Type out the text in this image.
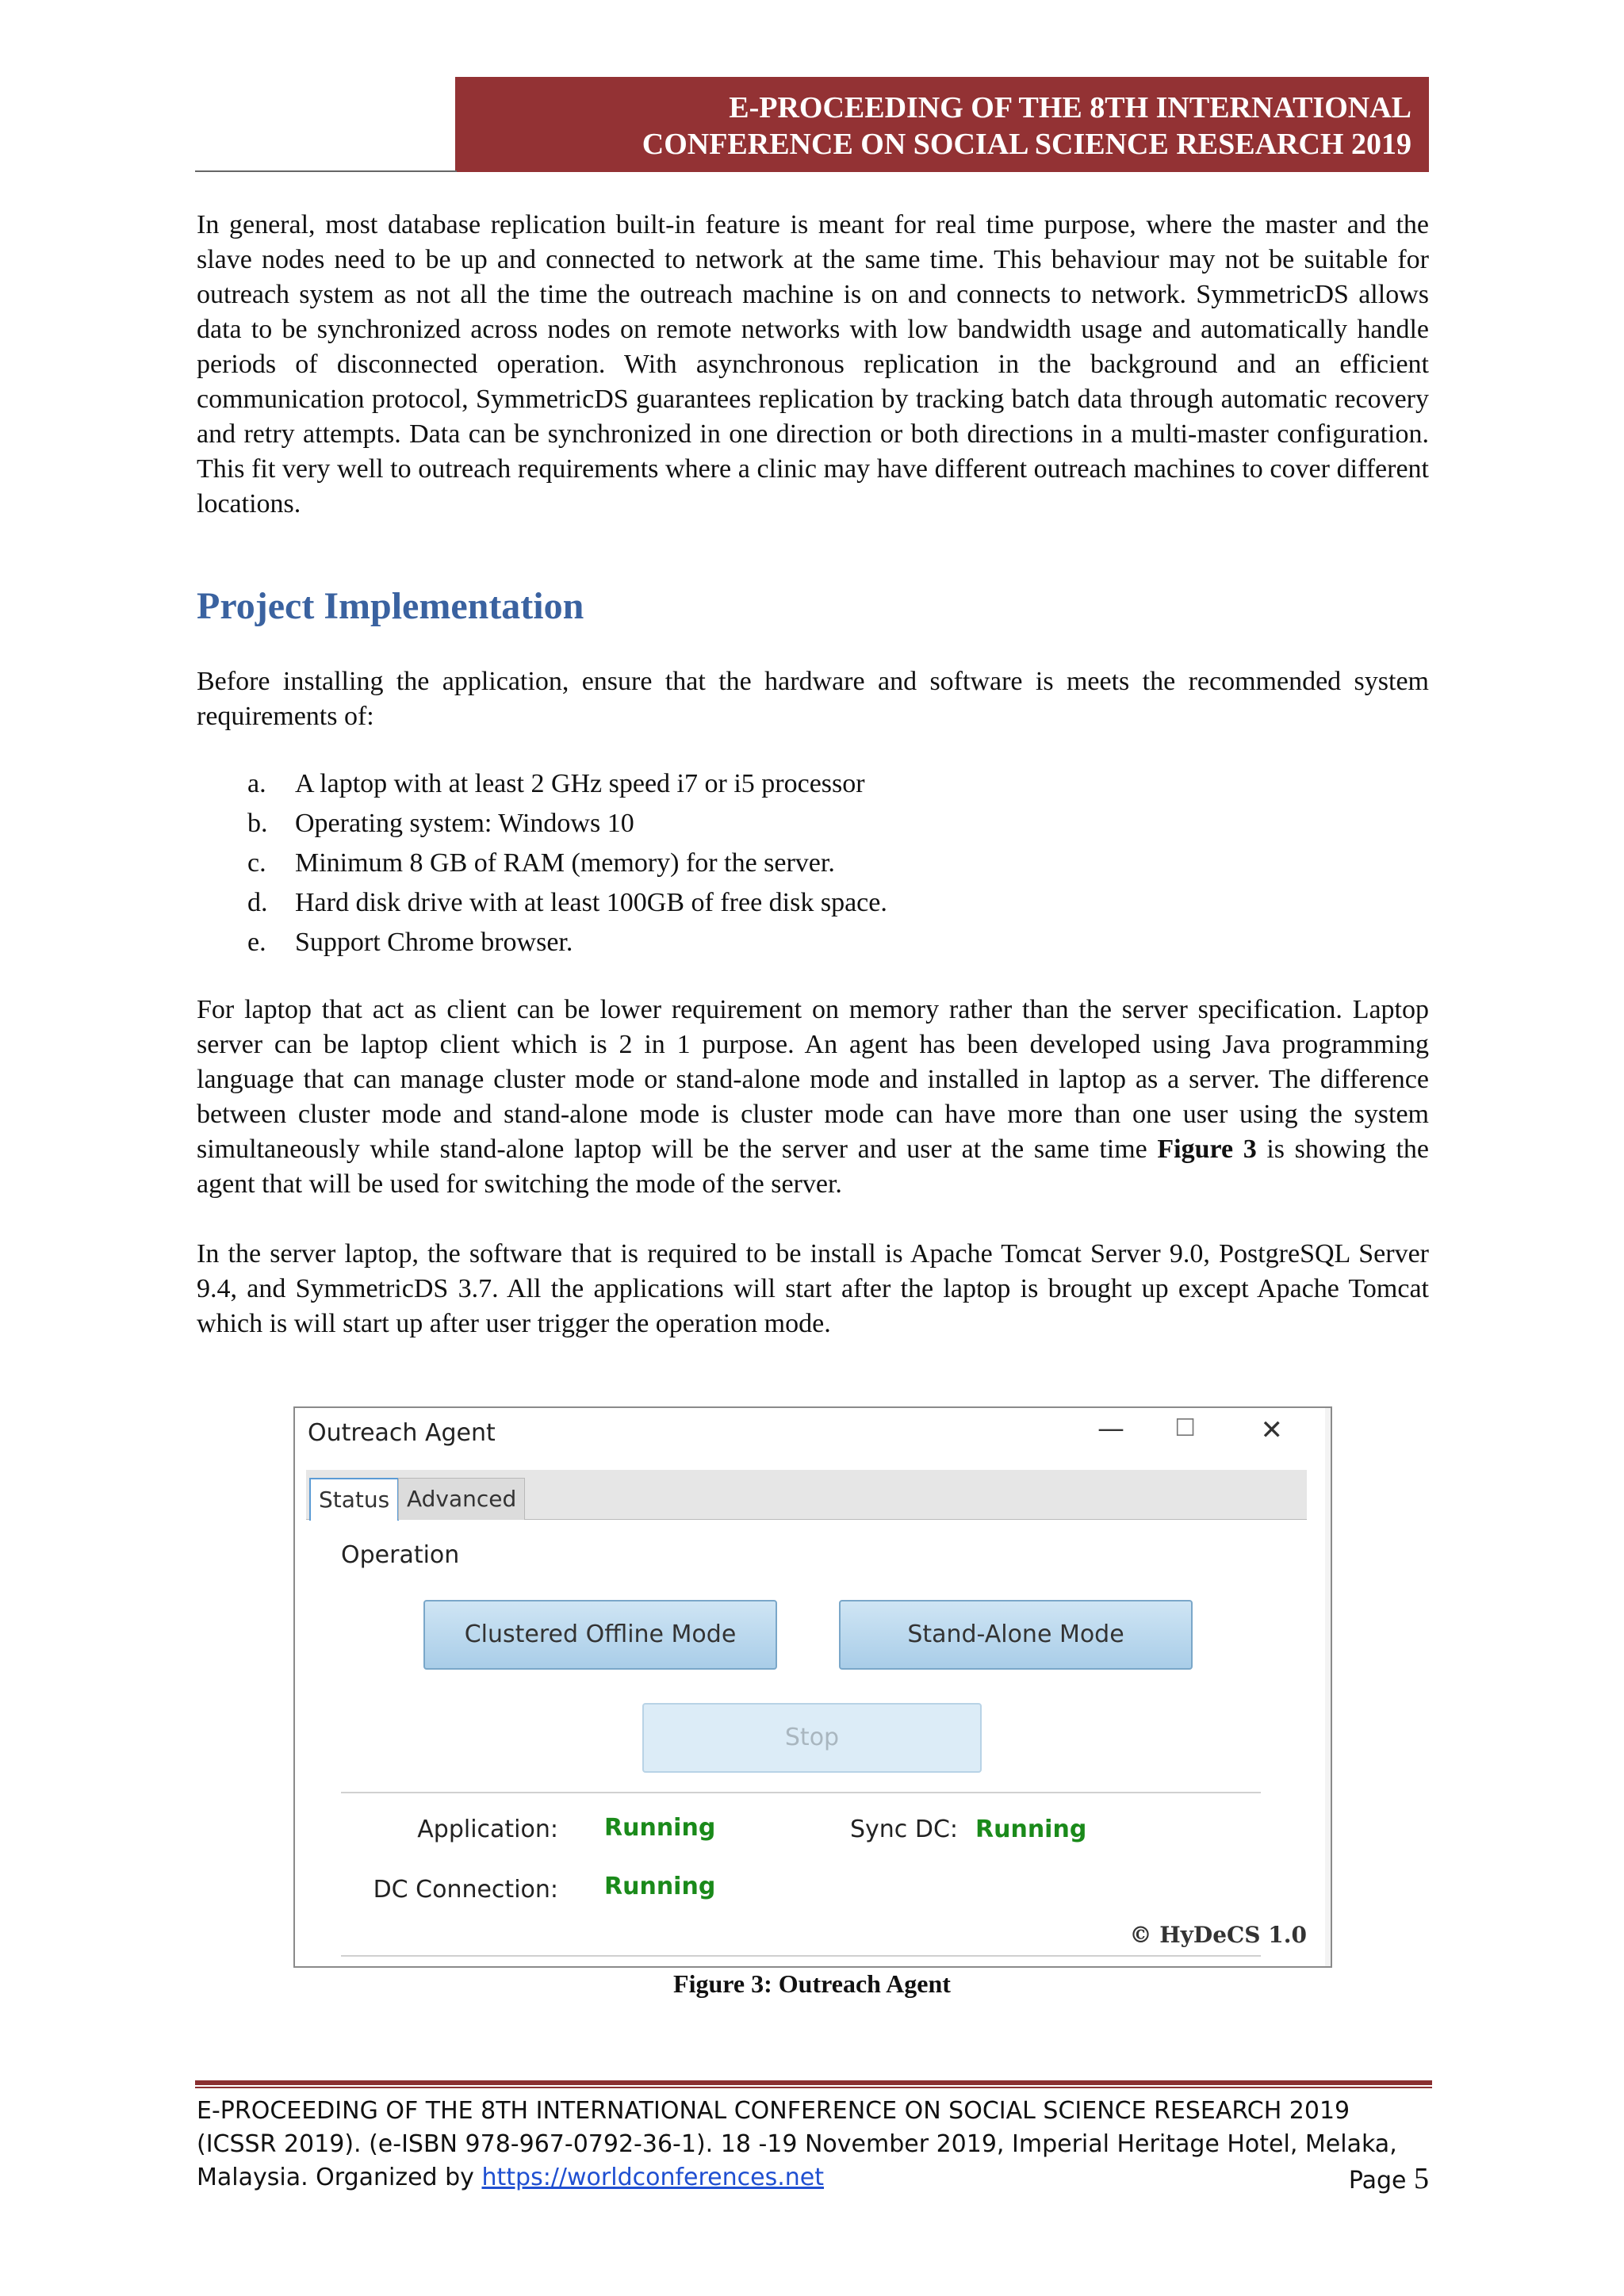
E-PROCEEDING OF THE 8TH INTERNATIONAL
CONFERENCE ON SOCIAL SCIENCE RESEARCH 2019
In general, most database replication built-in feature is meant for real time purpose, where the master and the slave nodes need to be up and connected to network at the same time. This behaviour may not be suitable for outreach system as not all the time the outreach machine is on and connects to network. SymmetricDS allows data to be synchronized across nodes on remote networks with low bandwidth usage and automatically handle periods of disconnected operation. With asynchronous replication in the background and an efficient communication protocol, SymmetricDS guarantees replication by tracking batch data through automatic recovery and retry attempts. Data can be synchronized in one direction or both directions in a multi-master configuration. This fit very well to outreach requirements where a clinic may have different outreach machines to cover different locations.
Project Implementation
Before installing the application, ensure that the hardware and software is meets the recommended system requirements of:
a.	A laptop with at least 2 GHz speed i7 or i5 processor
b.	Operating system: Windows 10
c.	Minimum 8 GB of RAM (memory) for the server.
d.	Hard disk drive with at least 100GB of free disk space.
e.	Support Chrome browser.
For laptop that act as client can be lower requirement on memory rather than the server specification. Laptop server can be laptop client which is 2 in 1 purpose. An agent has been developed using Java programming language that can manage cluster mode or stand-alone mode and installed in laptop as a server. The difference between cluster mode and stand-alone mode is cluster mode can have more than one user using the system simultaneously while stand-alone laptop will be the server and user at the same time Figure 3 is showing the agent that will be used for switching the mode of the server.
In the server laptop, the software that is required to be install is Apache Tomcat Server 9.0, PostgreSQL Server 9.4, and SymmetricDS 3.7. All the applications will start after the laptop is brought up except Apache Tomcat which is will start up after user trigger the operation mode.
Outreach Agent	— ☐ ✕
Status Advanced
Operation
Clustered Offline Mode	Stand-Alone Mode
Stop
Application: Running	Sync DC: Running
DC Connection: Running
© HyDeCS 1.0
Figure 3: Outreach Agent
E-PROCEEDING OF THE 8TH INTERNATIONAL CONFERENCE ON SOCIAL SCIENCE RESEARCH 2019
(ICSSR 2019). (e-ISBN 978-967-0792-36-1). 18 -19 November 2019, Imperial Heritage Hotel, Melaka,
Malaysia. Organized by https://worldconferences.net	Page 5
